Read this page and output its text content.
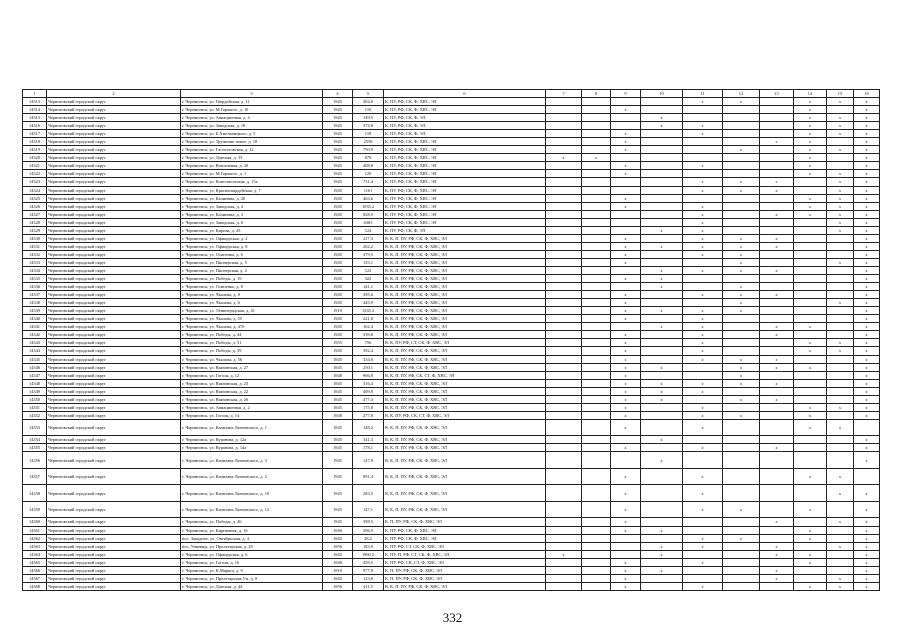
1	2	3	4	5	6	7	8	9	10	11	12	13	14	15	16
14313	Черниговский городской округ	г. Черниговск, ул. Гвардейская, д. 11	1945	304,0	К, ПУ, РФ, СК, Ф, ХВС, ЭЛ					x	x		x	x	x
14314	Черниговский городской округ	г. Черниговск, ул. М.Горького, д. 10	1945	110	К, ПУ, РФ, СК, Ф, ХВС, ЭЛ			x					x		x
14315	Черниговский городской округ	г. Черниговск, ул. Авиационная, д. 4	1945	149,5	К, ПУ, РФ, СК, Ф, ЭЛ				x				x	x	x
14316	Черниговский городской округ	г. Черниговск, ул. Заводская, д. 18	1945	374,8	К, ПУ, РФ, СК, Ф, ЭЛ				x	x			x	x	x
14317	Черниговский городской округ	г. Черниговск, ул. Б.Хмельницкого, д. 5	1945	118	К, ПУ, РФ, СК, Ф, ЭЛ			x		x			x	x	x
14318	Черниговский городской округ	г. Черниговск, ул. Труженик новое, д. 18	1945	2558	К, ПУ, РФ, СК, Ф, ХВС, ЭЛ			x				x	x		x
14319	Черниговский городской округ	г. Черниговск, ул. Гастелловская, д. 12	1945	790,9	К, ПУ, РФ, СК, Ф, ХВС, ЭЛ			x			x		x	x	x
14320	Черниговский городской округ	г. Черниговск, ул. Донская, д. 13	1945	670	К, ПУ, РФ, СК, Ф, ХВС, ЭЛ	x	x						x		x
14321	Черниговский городской округ	г. Черниговск, ул. Вокзальная, д. 20	1945	408,8	К, ПУ, РФ, СК, Ф, ХВС, ЭЛ			x		x			x		x
14322	Черниговский городской округ	г. Черниговск, ул. М.Горького, д. 1	1945	120	К, ПУ, РФ, СК, Ф, ХВС, ЭЛ			x					x	x	x
14323	Черниговский городской округ	г. Черниговск, ул. Комсомольская, д. 15а	1945	731,4	К, ПУ, РФ, СК, Ф, ХВС, ЭЛ					x	x	x		x	x
14324	Черниговский городской округ	г. Черниговск, ул. Красногвардейская, д. 7	1945	1161	К, ПУ, РФ, СК, Ф, ХВС, ЭЛ					x	x	x		x	x
14325	Черниговский городской округ	г. Черниговск, ул. Калинина, д. 20	1945	463,6	К, ПУ, РФ, СК, Ф, ХВС, ЭЛ			x					x	x	x
14326	Черниговский городской округ	г. Черниговск, ул. Заводская, д. 4	1945	1035,2	К, ПУ, РФ, СК, Ф, ХВС, ЭЛ			x		x			x	x	x
14327	Черниговский городской округ	г. Черниговск, ул. Калинина, д. 3	1945	828,9	К, ПУ, РФ, СК, Ф, ХВС, ЭЛ					x		x	x	x	x
14328	Черниговский городской округ	г. Черниговск, ул. Заводская, д. 6	1945	6365	К, ПУ, РФ, СК, Ф, ХВС, ЭЛ					x				x	x
14329	Черниговский городской округ	г. Черниговск, ул. Кирова, д. 43	1945	124	К, ПУ, РФ, СК, Ф, ЭЛ				x	x				x	x
14330	Черниговский городской округ	г. Черниговск, ул. Офицерская, д. 2	1945	217,3	В, К, П, ПУ, РФ, СК, Ф, ХВС, ЭЛ			x		x	x	x			x
14331	Черниговский городской округ	г. Черниговск, ул. Офицерская, д. 8	1945	262,2	В, К, П, ПУ, РФ, СК, Ф, ХВС, ЭЛ			x	x	x	x	x			x
14332	Черниговский городской округ	г. Черниговск, ул. Осипенко, д. 6	1945	379,5	В, К, П, ПУ, РФ, СК, Ф, ХВС, ЭЛ			x		x	x				x
14333	Черниговский городской округ	г. Черниговск, ул. Пионерская, д. 5	1945	155,1	В, К, П, ПУ, РФ, СК, Ф, ХВС, ЭЛ			x			x			x	x
14334	Черниговский городской округ	г. Черниговск, ул. Пионерская, д. 2	1945	122	В, К, П, ПУ, РФ, СК, Ф, ХВС, ЭЛ				x	x	x	x			x
14335	Черниговский городской округ	г. Черниговск, ул. Победы, д. 19	1945	322	В, К, П, ПУ, РФ, СК, Ф, ХВС, ЭЛ			x	x						x
14336	Черниговский городской округ	г. Черниговск, ул. Осипенко, д. 8	1945	141,1	В, К, П, ПУ, РФ, СК, Ф, ХВС, ЭЛ				x		x				x
14337	Черниговский городской округ	г. Черниговск, ул. Чкалова, д. 8	1945	395,6	В, К, П, ПУ, РФ, СК, Ф, ХВС, ЭЛ			x		x	x	x			x
14338	Черниговский городской округ	г. Черниговск, ул. Чкалова, д. 6	1945	445,9	В, К, П, ПУ, РФ, СК, Ф, ХВС, ЭЛ			x			x			x	x
14339	Черниговский городской округ	г. Черниговск, ул. Ленинградская, д. 41	1910	1335,3	В, К, П, ПУ, РФ, СК, Ф, ХВС, ЭЛ			x	x	x	x				x
14340	Черниговский городской округ	г. Черниговск, ул. Чкалова, д. 55	1945	221,8	В, К, П, ПУ, РФ, СК, Ф, ХВС, ЭЛ			x		x					x
14341	Черниговский городской округ	г. Черниговск, ул. Чкалова, д. 47б	1945	162,4	В, К, П, ПУ, РФ, СК, Ф, ХВС, ЭЛ				x	x		x	x		x
14342	Черниговский городской округ	г. Черниговск, ул. Победы, д. 44	1945	539,8	В, К, П, ПУ, РФ, СК, Ф, ХВС, ЭЛ			x		x		x			x
14343	Черниговский городской округ	г. Черниговск, ул. Победы, д. 51	1955	756	В, К, ПУ, РФ, СТ, СК, Ф, ХВС, ЭЛ			x		x			x	x	x
14344	Черниговский городской округ	г. Черниговск, ул. Победы, д. 39	1945	392,4	В, К, П, ПУ, РФ, СК, Ф, ХВС, ЭЛ			x		x			x	x	x
14345	Черниговский городской округ	г. Черниговск, ул. Чкалова, д. 56	1945	334,6	В, К, П, ПУ, РФ, СК, Ф, ХВС, ЭЛ			x		x	x	x			x
14346	Черниговский городской округ	г. Черниговск, ул. Вакзинская, д. 27	1945	250,1	В, К, П, ПУ, РФ, СК, Ф, ХВС, ЭЛ			x	x		x	x	x		x
14347	Черниговский городской округ	г. Черниговск, ул. Гоголя, д. 12	1948	966,8	В, К, П, ПУ, РФ, СК, СТ, Ф, ХВС, ЭЛ			x			x				x
14348	Черниговский городской округ	г. Черниговск, ул. Вакзинская, д. 23	1945	316,4	В, К, П, ПУ, РФ, СК, Ф, ХВС, ЭЛ			x	x	x	x	x			x
14349	Черниговский городской округ	г. Черниговск, ул. Вакзинская, д. 22	1945	409,8	В, К, П, ПУ, РФ, СК, Ф, ХВС, ЭЛ			x	x	x					x
14350	Черниговский городской округ	г. Черниговск, ул. Вакзинская, д. 26	1945	477,4	В, К, П, ПУ, РФ, СК, Ф, ХВС, ЭЛ			x	x		x	x			x
14351	Черниговский городской округ	г. Черниговск, ул. Авиационная, д. 2	1945	175,8	В, К, П, ПУ, РФ, СК, Ф, ХВС, ЭЛ			x		x			x	x	x
14352	Черниговский городской округ	г. Черниговск, ул. Гоголя, д. 14	1948	277,8	В, К, ПУ, РФ, СК, СТ, Ф, ХВС, ЭЛ			x		x	x		x		x
14353	Черниговский городской округ	г. Черниговск, ул. Капитана Ляпчевского, д. 1	1945	148,2	В, К, П, ПУ, РФ, СК, Ф, ХВС, ЭЛ			x		x			x	x	
14354	Черниговский городской округ	г. Черниговск, ул. Куранова, д. 12а	1945	341,3	В, К, П, ПУ, РФ, СК, Ф, ХВС, ЭЛ				x						x
14355	Черниговский городской округ	г. Черниговск, ул. Куранова, д. 14а	1945	178,1	В, К, П, ПУ, РФ, СК, Ф, ХВС, ЭЛ			x		x		x			x
14356	Черниговский городской округ	г. Черниговск, ул. Капитана Ляпчевского, д. 3	1945	147,9	В, К, П, ПУ, РФ, СК, Ф, ХВС, ЭЛ				x						x
14357	Черниговский городской округ	г. Черниговск, ул. Капитана Ляпчевского, д. 2	1945	891,4	В, К, П, ПУ, РФ, СК, Ф, ХВС, ЭЛ			x		x			x	x	
14358	Черниговский городской округ	г. Черниговск, ул. Капитана Ляпчевского, д. 10	1945	283,5	В, К, П, ПУ, РФ, СК, Ф, ХВС, ЭЛ			x		x				x	x
14359	Черниговский городской округ	г. Черниговск, ул. Капитана Ляпчевского, д. 12	1945	147,1	В, К, П, ПУ, РФ, СК, Ф, ХВС, ЭЛ			x		x	x		x		x
14360	Черниговский городской округ	г. Черниговск, ул. Победы, д. 46	1945	398,5	К, П, ПУ, РФ, СК, Ф, ХВС, ЭЛ			x				x		x	x
14361	Черниговский городской округ	г. Черниговск, ул. Кирпичная, д. 16	1946	296,9	К, ПУ, РФ, СК, Ф, ХВС, ЭЛ			x	x				x		x
14362	Черниговский городской округ	пос. Западное, ул. Октябрьская, д. 4	1945	28,2	К, ПУ, РФ, СК, Ф, ХВС, ЭЛ					x	x		x		x
14363	Черниговский городской округ	пос. Унковцы, ул. Пролетарская, д. 29	1956	183,9	К, ПУ, РФ, СТ, СК, Ф, ХВС, ЭЛ				x	x		x		x	x
14364	Черниговский городской округ	г. Черниговск, ул. Офицерская, д. 6	1945	1960,5	К, ПУ, П, РФ, СТ, СК, Ф, ХВС, ЭЛ	x			x			x	x		x
14365	Черниговский городской округ	г. Черниговск, ул. Гоголя, д. 16	1948	459,5	К, ПУ, РФ, СК, СТ, Ф, ХВС, ЭЛ			x		x			x		x
14366	Черниговский городской округ	г. Черниговск, ул. К.Маркса, д. 9	1910	977,8	К, П, ПУ, РФ, СК, Ф, ХВС, ЭЛ			x	x			x			x
14367	Черниговский городской округ	г. Черниговск, ул. Пролетарская 5-я, д. 8	1945	123,8	К, П, ПУ, РФ, СК, Ф, ХВС, ЭЛ			x				x		x	x
14368	Черниговский городской округ	г. Черниговск, ул. Донская, д. 44	1956	411,5	В, К, П, ПУ, РФ, СК, Ф, ХВС, ЭЛ			x		x			x	x	x
332
